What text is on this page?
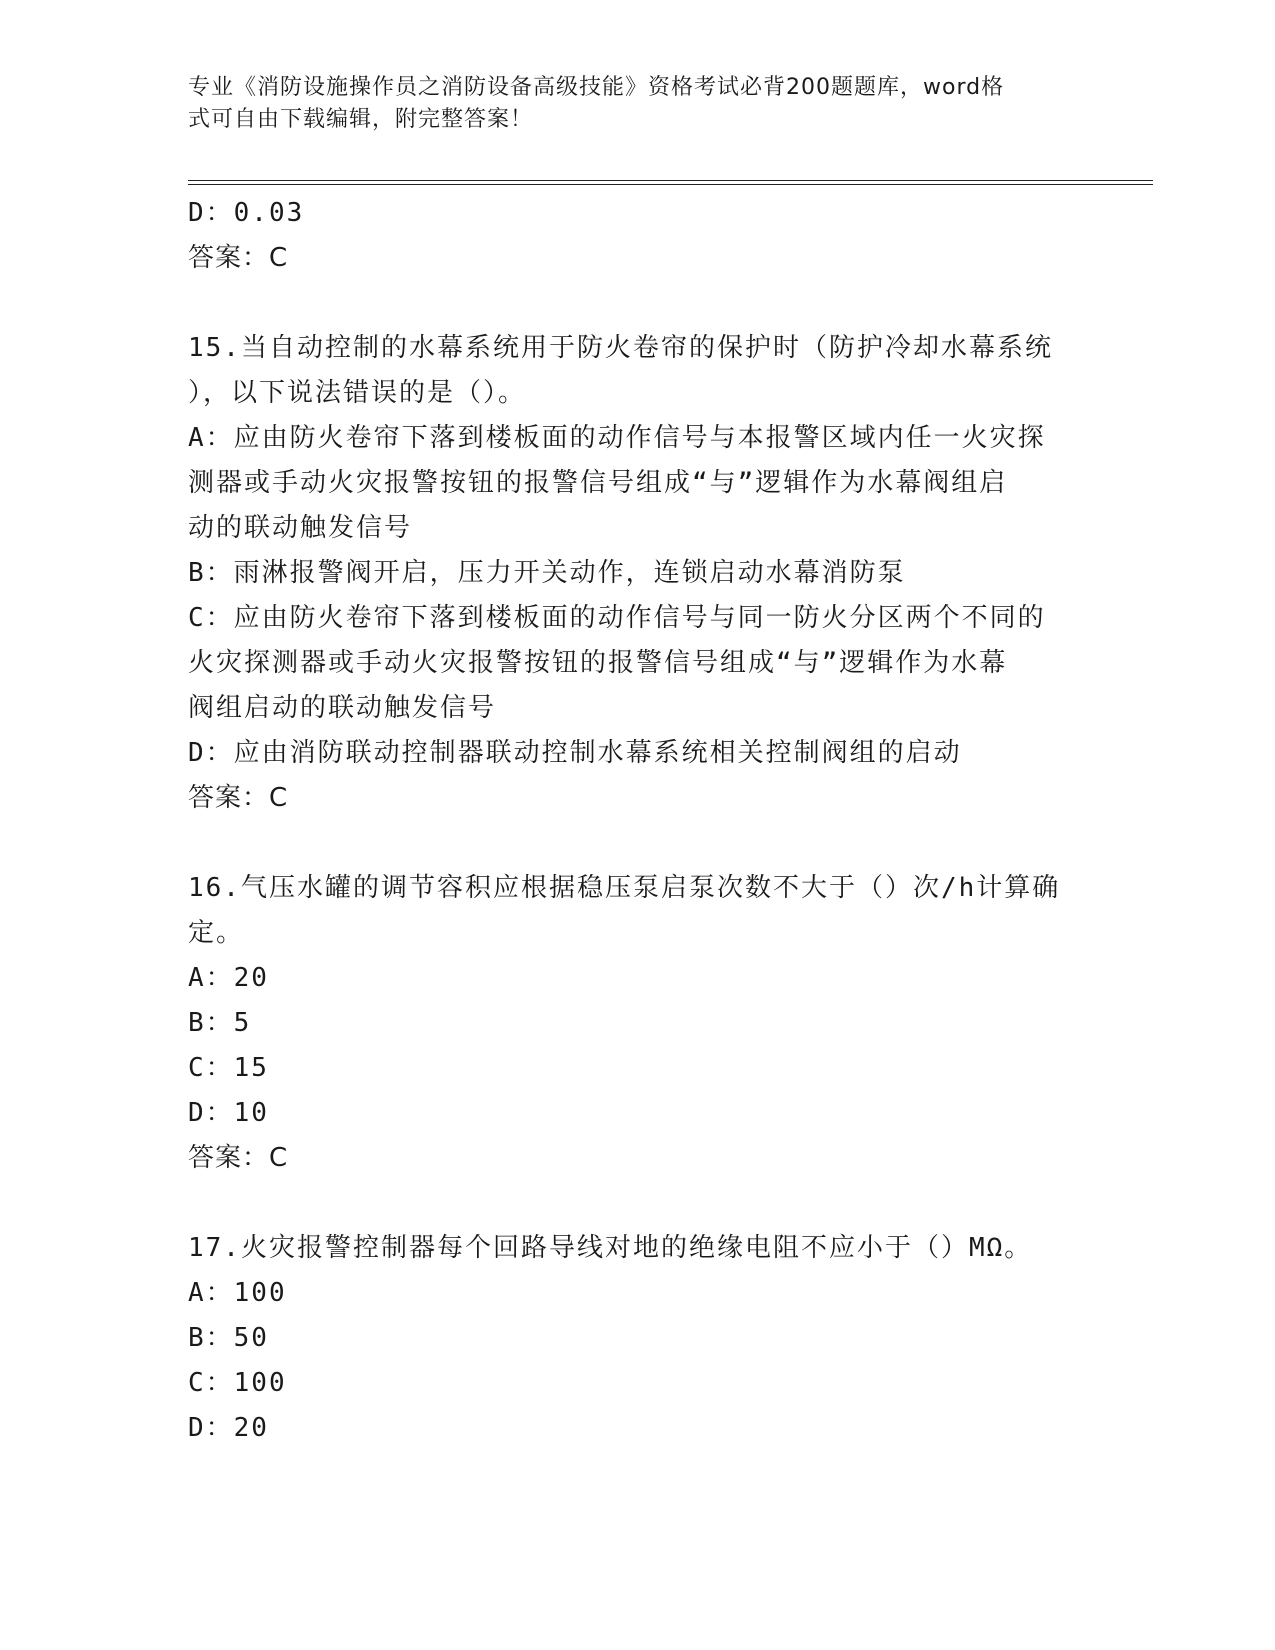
专业《消防设施操作员之消防设备高级技能》资格考试必背200题题库，word格
式可自由下载编辑，附完整答案！
D：0.03
答案：C
15.当自动控制的水幕系统用于防火卷帘的保护时（防护冷却水幕系统
），以下说法错误的是（）。
A：应由防火卷帘下落到楼板面的动作信号与本报警区域内任一火灾探
测器或手动火灾报警按钮的报警信号组成“与”逻辑作为水幕阀组启
动的联动触发信号
B：雨淋报警阀开启，压力开关动作，连锁启动水幕消防泵
C：应由防火卷帘下落到楼板面的动作信号与同一防火分区两个不同的
火灾探测器或手动火灾报警按钮的报警信号组成“与”逻辑作为水幕
阀组启动的联动触发信号
D：应由消防联动控制器联动控制水幕系统相关控制阀组的启动
答案：C
16.气压水罐的调节容积应根据稳压泵启泵次数不大于（）次/h计算确
定。
A：20
B：5
C：15
D：10
答案：C
17.火灾报警控制器每个回路导线对地的绝缘电阻不应小于（）MΩ。
A：100
B：50
C：100
D：20
